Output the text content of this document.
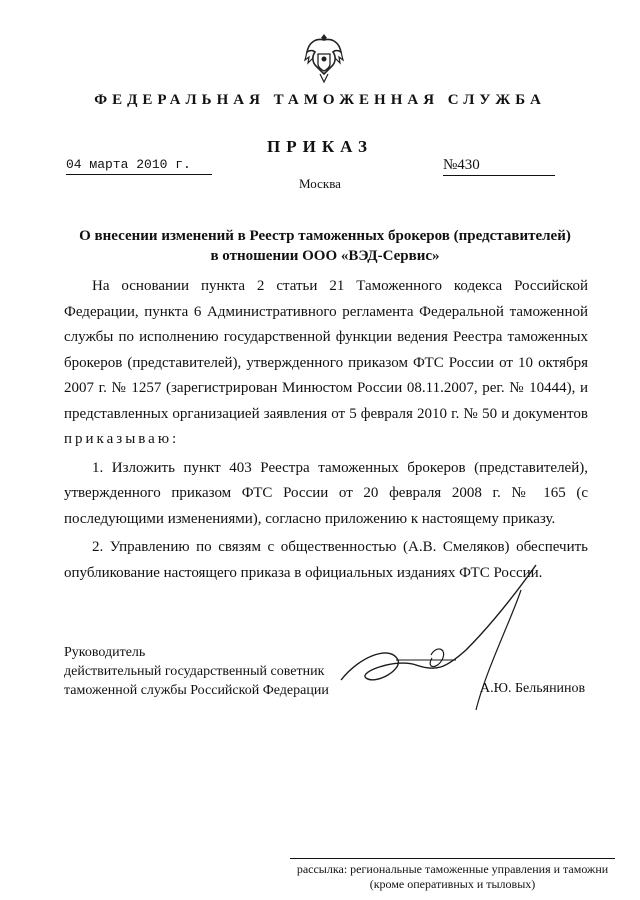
ФЕДЕРАЛЬНАЯ ТАМОЖЕННАЯ СЛУЖБА
ПРИКАЗ
04 марта 2010 г.	№430
Москва
О внесении изменений в Реестр таможенных брокеров (представителей)
в отношении ООО «ВЭД-Сервис»

На основании пункта 2 статьи 21 Таможенного кодекса Российской Федерации, пункта 6 Административного регламента Федеральной таможенной службы по исполнению государственной функции ведения Реестра таможенных брокеров (представителей), утвержденного приказом ФТС России от 10 октября 2007 г. № 1257 (зарегистрирован Минюстом России 08.11.2007, рег. № 10444), и представленных организацией заявления от 5 февраля 2010 г. № 50 и документов приказываю:

1. Изложить пункт 403 Реестра таможенных брокеров (представителей), утвержденного приказом ФТС России от 20 февраля 2008 г. № 165 (с последующими изменениями), согласно приложению к настоящему приказу.

2. Управлению по связям с общественностью (А.В. Смеляков) обеспечить опубликование настоящего приказа в официальных изданиях ФТС России.

Руководитель
действительный государственный советник
таможенной службы Российской Федерации	А.Ю. Бельянинов
рассылка: региональные таможенные управления и таможни
(кроме оперативных и тыловых)
